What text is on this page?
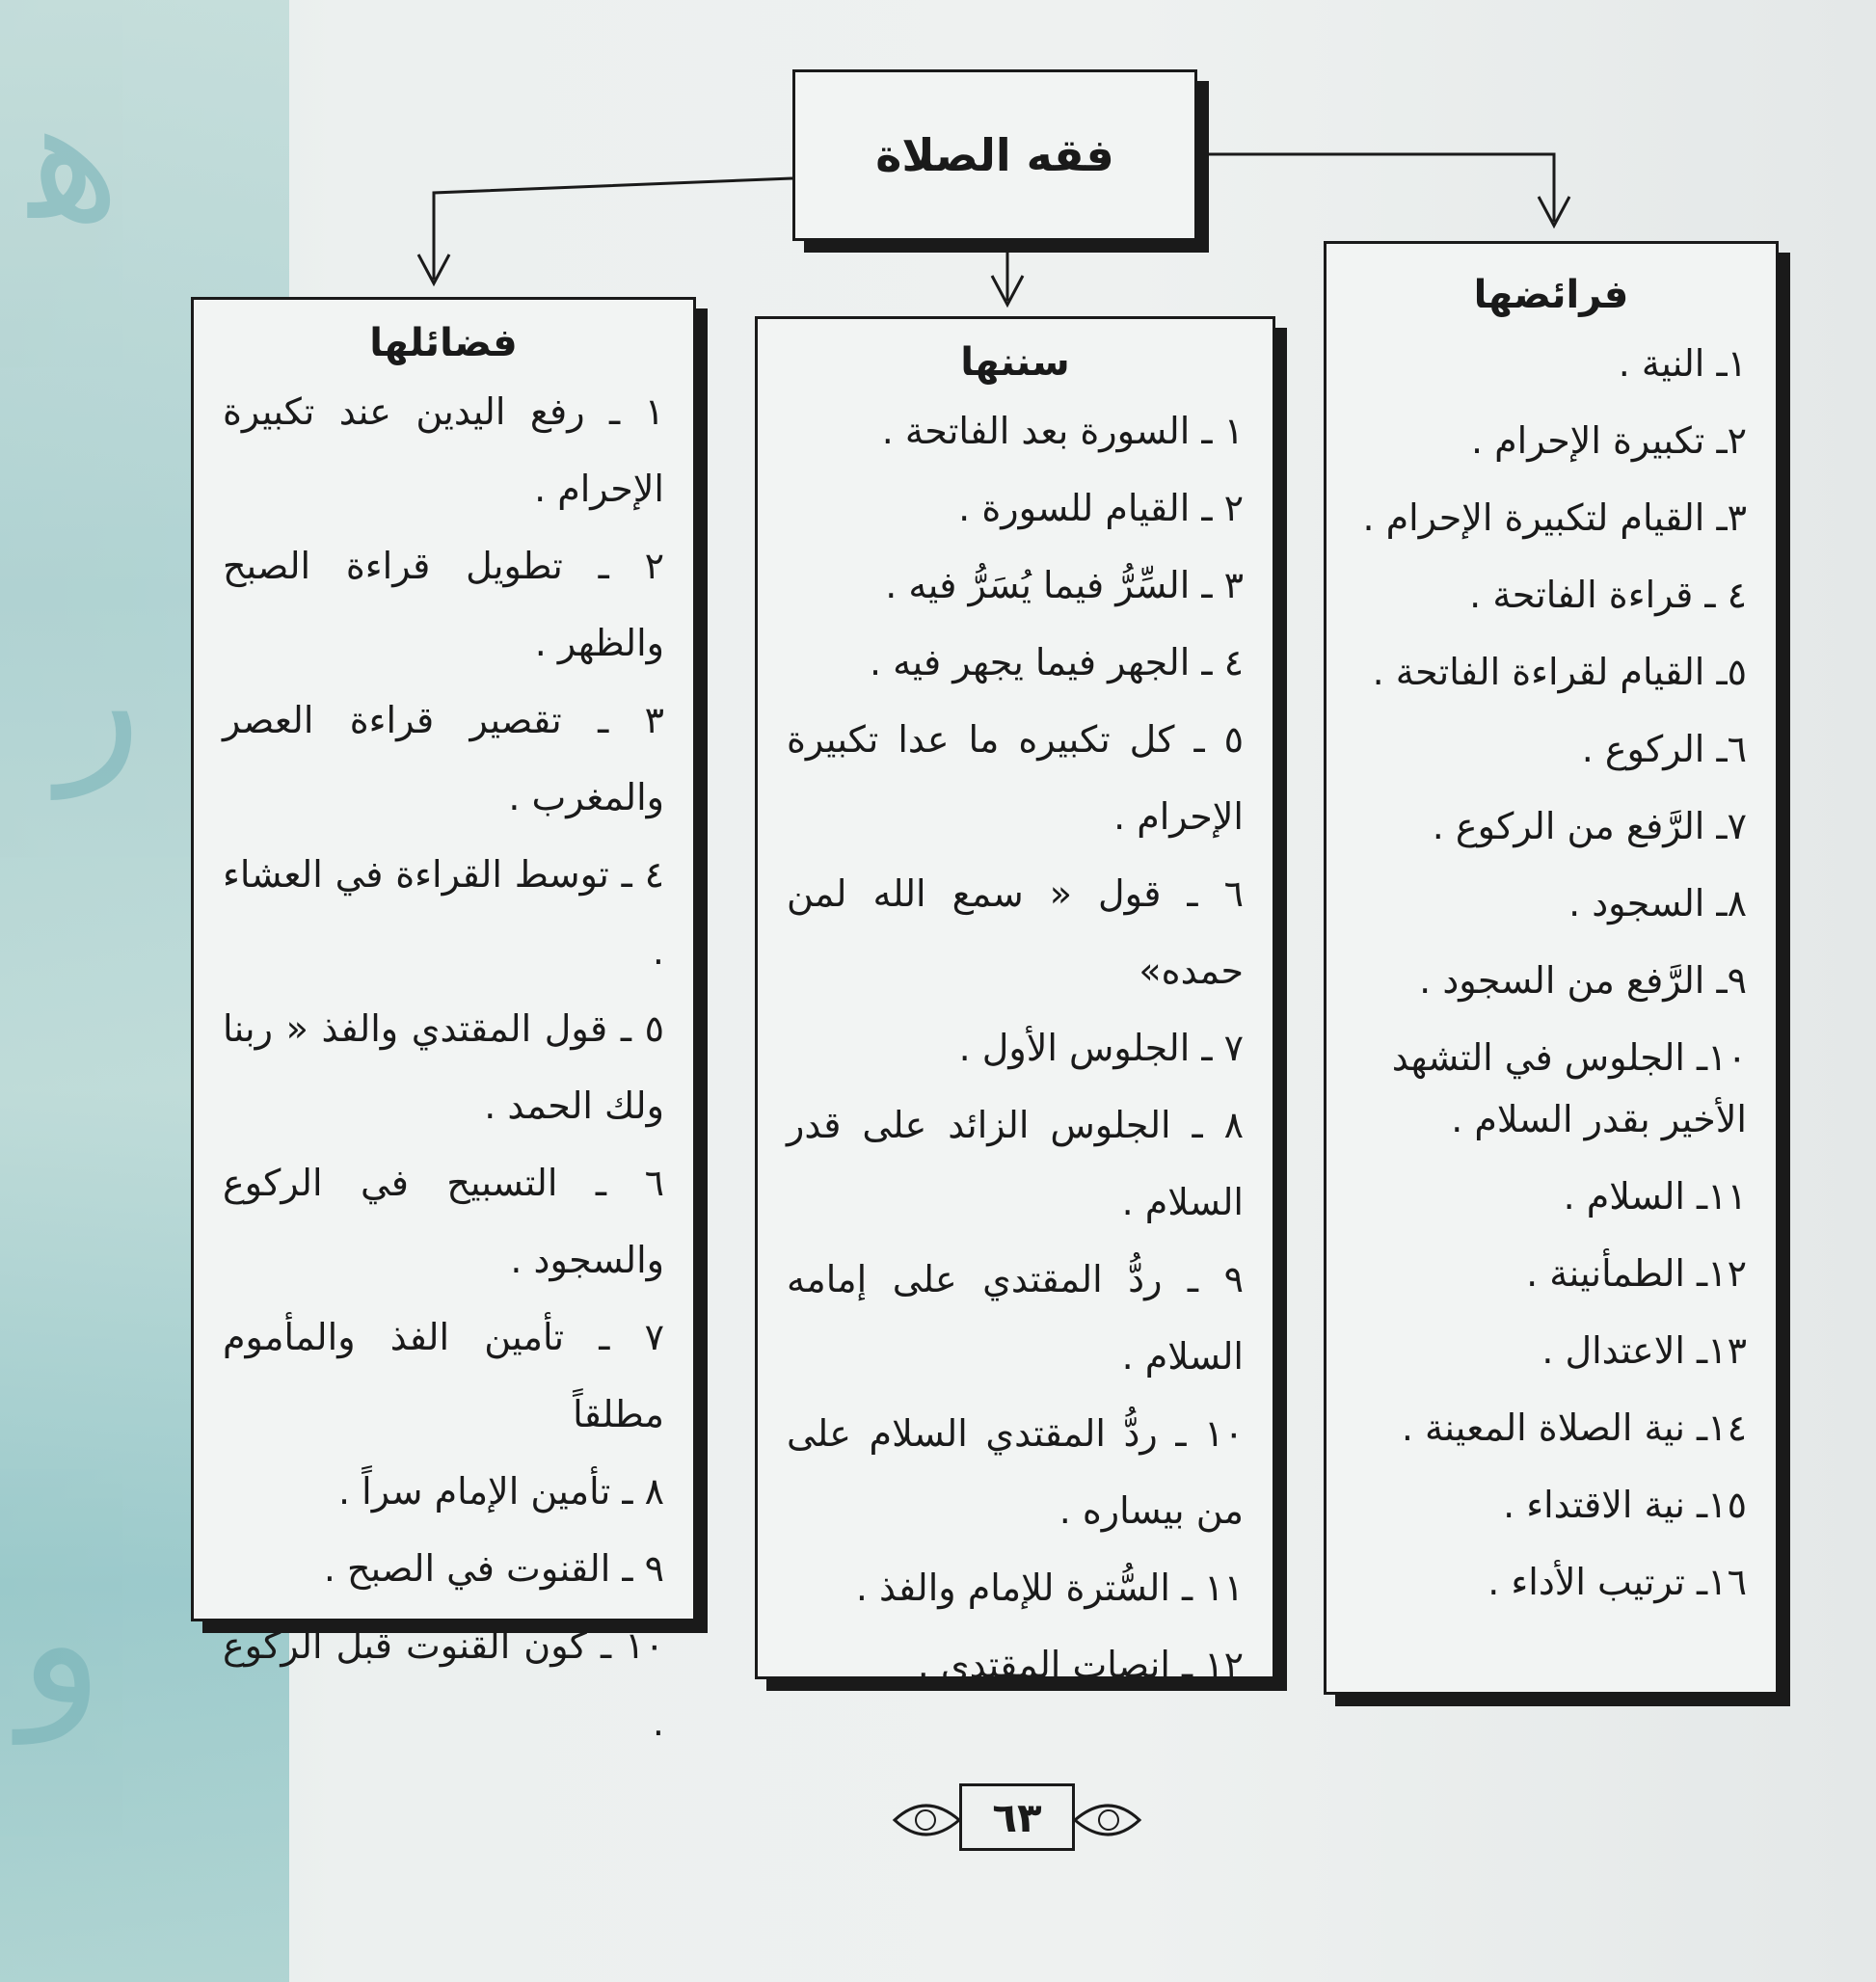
ﻫ
ﺭ
ﻭ
فقه الصلاة
فرائضها
١ـ النية .
٢ـ تكبيرة الإحرام .
٣ـ القيام لتكبيرة الإحرام .
٤ ـ قراءة الفاتحة .
٥ـ القيام لقراءة الفاتحة .
٦ـ الركوع .
٧ـ الرَّفع من الركوع .
٨ـ السجود .
٩ـ الرَّفع من السجود .
١٠ـ الجلوس في التشهد الأخير بقدر السلام .
١١ـ السلام .
١٢ـ الطمأنينة .
١٣ـ الاعتدال .
١٤ـ نية الصلاة المعينة .
١٥ـ نية الاقتداء .
١٦ـ ترتيب الأداء .
سننها
١ ـ السورة بعد الفاتحة .
٢ ـ القيام للسورة .
٣ ـ السِّرُّ فيما يُسَرُّ فيه .
٤ ـ الجهر فيما يجهر فيه .
٥ ـ كل تكبيره ما عدا تكبيرة الإحرام .
٦ ـ قول « سمع الله لمن حمده»
٧ ـ الجلوس الأول .
٨ ـ الجلوس الزائد على قدر السلام .
٩ ـ ردُّ المقتدي على إمامه السلام .
١٠ ـ ردُّ المقتدي السلام على من بيساره .
١١ ـ السُّترة للإمام والفذ .
١٢ ـ إنصات المقتدي .
فضائلها
١ ـ رفع اليدين عند تكبيرة الإحرام .
٢ ـ تطويل قراءة الصبح والظهر .
٣ ـ تقصير قراءة العصر والمغرب .
٤ ـ توسط القراءة في العشاء .
٥ ـ قول المقتدي والفذ « ربنا ولك الحمد .
٦ ـ التسبيح في الركوع والسجود .
٧ ـ تأمين الفذ والمأموم مطلقاً
٨ ـ تأمين الإمام سراً .
٩ ـ القنوت في الصبح .
١٠ ـ كون القنوت قبل الركوع .
٦٣
